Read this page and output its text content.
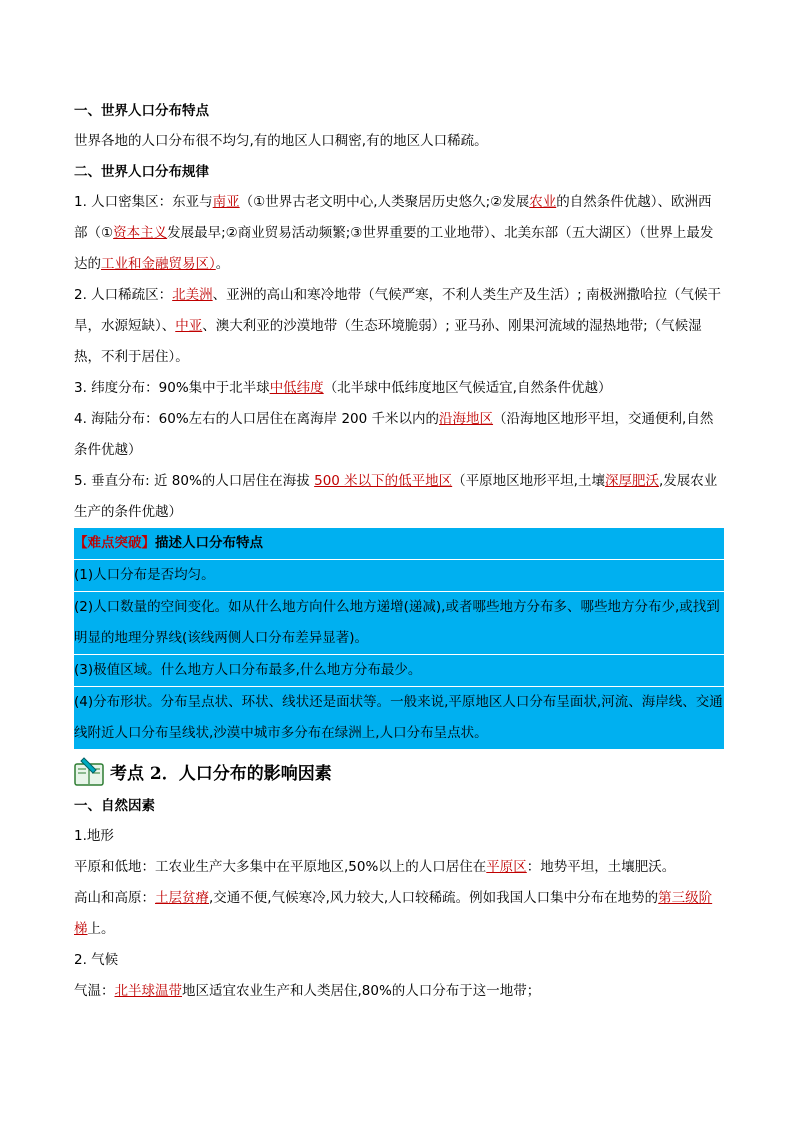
一、世界人口分布特点

世界各地的人口分布很不均匀,有的地区人口稠密,有的地区人口稀疏。

二、世界人口分布规律

1. 人口密集区：东亚与南亚（①世界古老文明中心,人类聚居历史悠久;②发展农业的自然条件优越）、欧洲西部（①资本主义发展最早;②商业贸易活动频繁;③世界重要的工业地带）、北美东部（五大湖区）（世界上最发达的工业和金融贸易区）。

2. 人口稀疏区：北美洲、亚洲的高山和寒冷地带（气候严寒，不利人类生产及生活）; 南极洲撒哈拉（气候干旱，水源短缺）、中亚、澳大利亚的沙漠地带（生态环境脆弱）; 亚马孙、刚果河流域的湿热地带;（气候湿热，不利于居住）。

3. 纬度分布：90%集中于北半球中低纬度（北半球中低纬度地区气候适宜,自然条件优越）

4. 海陆分布：60%左右的人口居住在离海岸 200 千米以内的沿海地区（沿海地区地形平坦，交通便利,自然条件优越）

5. 垂直分布: 近 80%的人口居住在海拔 500 米以下的低平地区（平原地区地形平坦,土壤深厚肥沃,发展农业生产的条件优越）

【难点突破】描述人口分布特点

(1)人口分布是否均匀。

(2)人口数量的空间变化。如从什么地方向什么地方递增(递减),或者哪些地方分布多、哪些地方分布少,或找到明显的地理分界线(该线两侧人口分布差异显著)。

(3)极值区域。什么地方人口分布最多,什么地方分布最少。

(4)分布形状。分布呈点状、环状、线状还是面状等。一般来说,平原地区人口分布呈面状,河流、海岸线、交通线附近人口分布呈线状,沙漠中城市多分布在绿洲上,人口分布呈点状。

考点 2．人口分布的影响因素

一、自然因素

1.地形

平原和低地：工农业生产大多集中在平原地区,50%以上的人口居住在平原区：地势平坦，土壤肥沃。

高山和高原：土层贫瘠,交通不便,气候寒冷,风力较大,人口较稀疏。例如我国人口集中分布在地势的第三级阶梯上。

2. 气候

气温：北半球温带地区适宜农业生产和人类居住,80%的人口分布于这一地带；
